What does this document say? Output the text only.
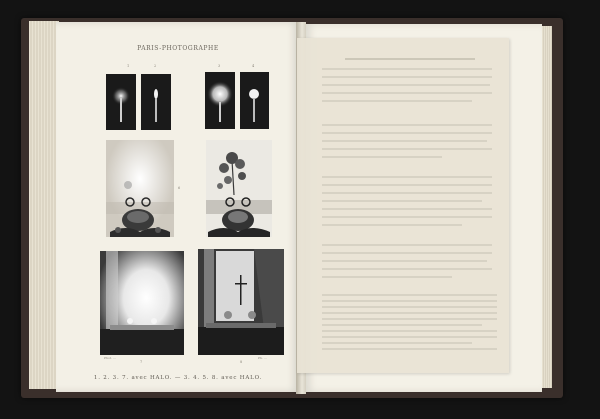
PARIS-PHOTOGRAPHE
1	2	3	4
6
7	8
Phot. ...	Ph. ...
1. 2. 3. 7. avec HALO. — 3. 4. 5. 8. avec HALO.
